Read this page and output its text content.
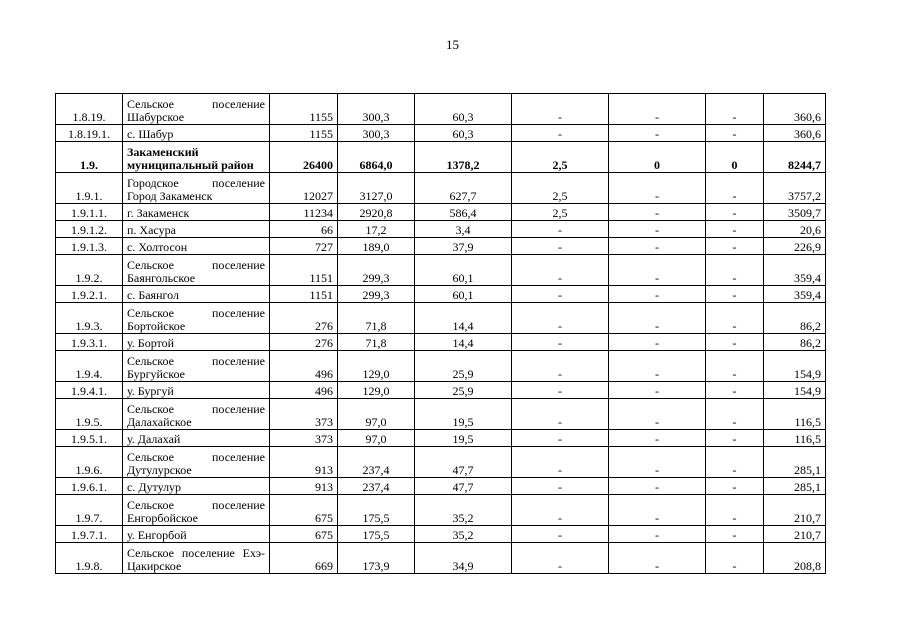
15
1.8.19.	Сельское поселение Шабурское	1155	300,3	60,3	-	-	-	360,6
1.8.19.1.	с. Шабур	1155	300,3	60,3	-	-	-	360,6
1.9.	Закаменский муниципальный район	26400	6864,0	1378,2	2,5	0	0	8244,7
1.9.1.	Городское поселение Город Закаменск	12027	3127,0	627,7	2,5	-	-	3757,2
1.9.1.1.	г. Закаменск	11234	2920,8	586,4	2,5	-	-	3509,7
1.9.1.2.	п. Хасура	66	17,2	3,4	-	-	-	20,6
1.9.1.3.	с. Холтосон	727	189,0	37,9	-	-	-	226,9
1.9.2.	Сельское поселение Баянгольское	1151	299,3	60,1	-	-	-	359,4
1.9.2.1.	с. Баянгол	1151	299,3	60,1	-	-	-	359,4
1.9.3.	Сельское поселение Бортойское	276	71,8	14,4	-	-	-	86,2
1.9.3.1.	у. Бортой	276	71,8	14,4	-	-	-	86,2
1.9.4.	Сельское поселение Бургуйское	496	129,0	25,9	-	-	-	154,9
1.9.4.1.	у. Бургуй	496	129,0	25,9	-	-	-	154,9
1.9.5.	Сельское поселение Далахайское	373	97,0	19,5	-	-	-	116,5
1.9.5.1.	у. Далахай	373	97,0	19,5	-	-	-	116,5
1.9.6.	Сельское поселение Дутулурское	913	237,4	47,7	-	-	-	285,1
1.9.6.1.	с. Дутулур	913	237,4	47,7	-	-	-	285,1
1.9.7.	Сельское поселение Енгорбойское	675	175,5	35,2	-	-	-	210,7
1.9.7.1.	у. Енгорбой	675	175,5	35,2	-	-	-	210,7
1.9.8.	Сельское поселение Ехэ-Цакирское	669	173,9	34,9	-	-	-	208,8
